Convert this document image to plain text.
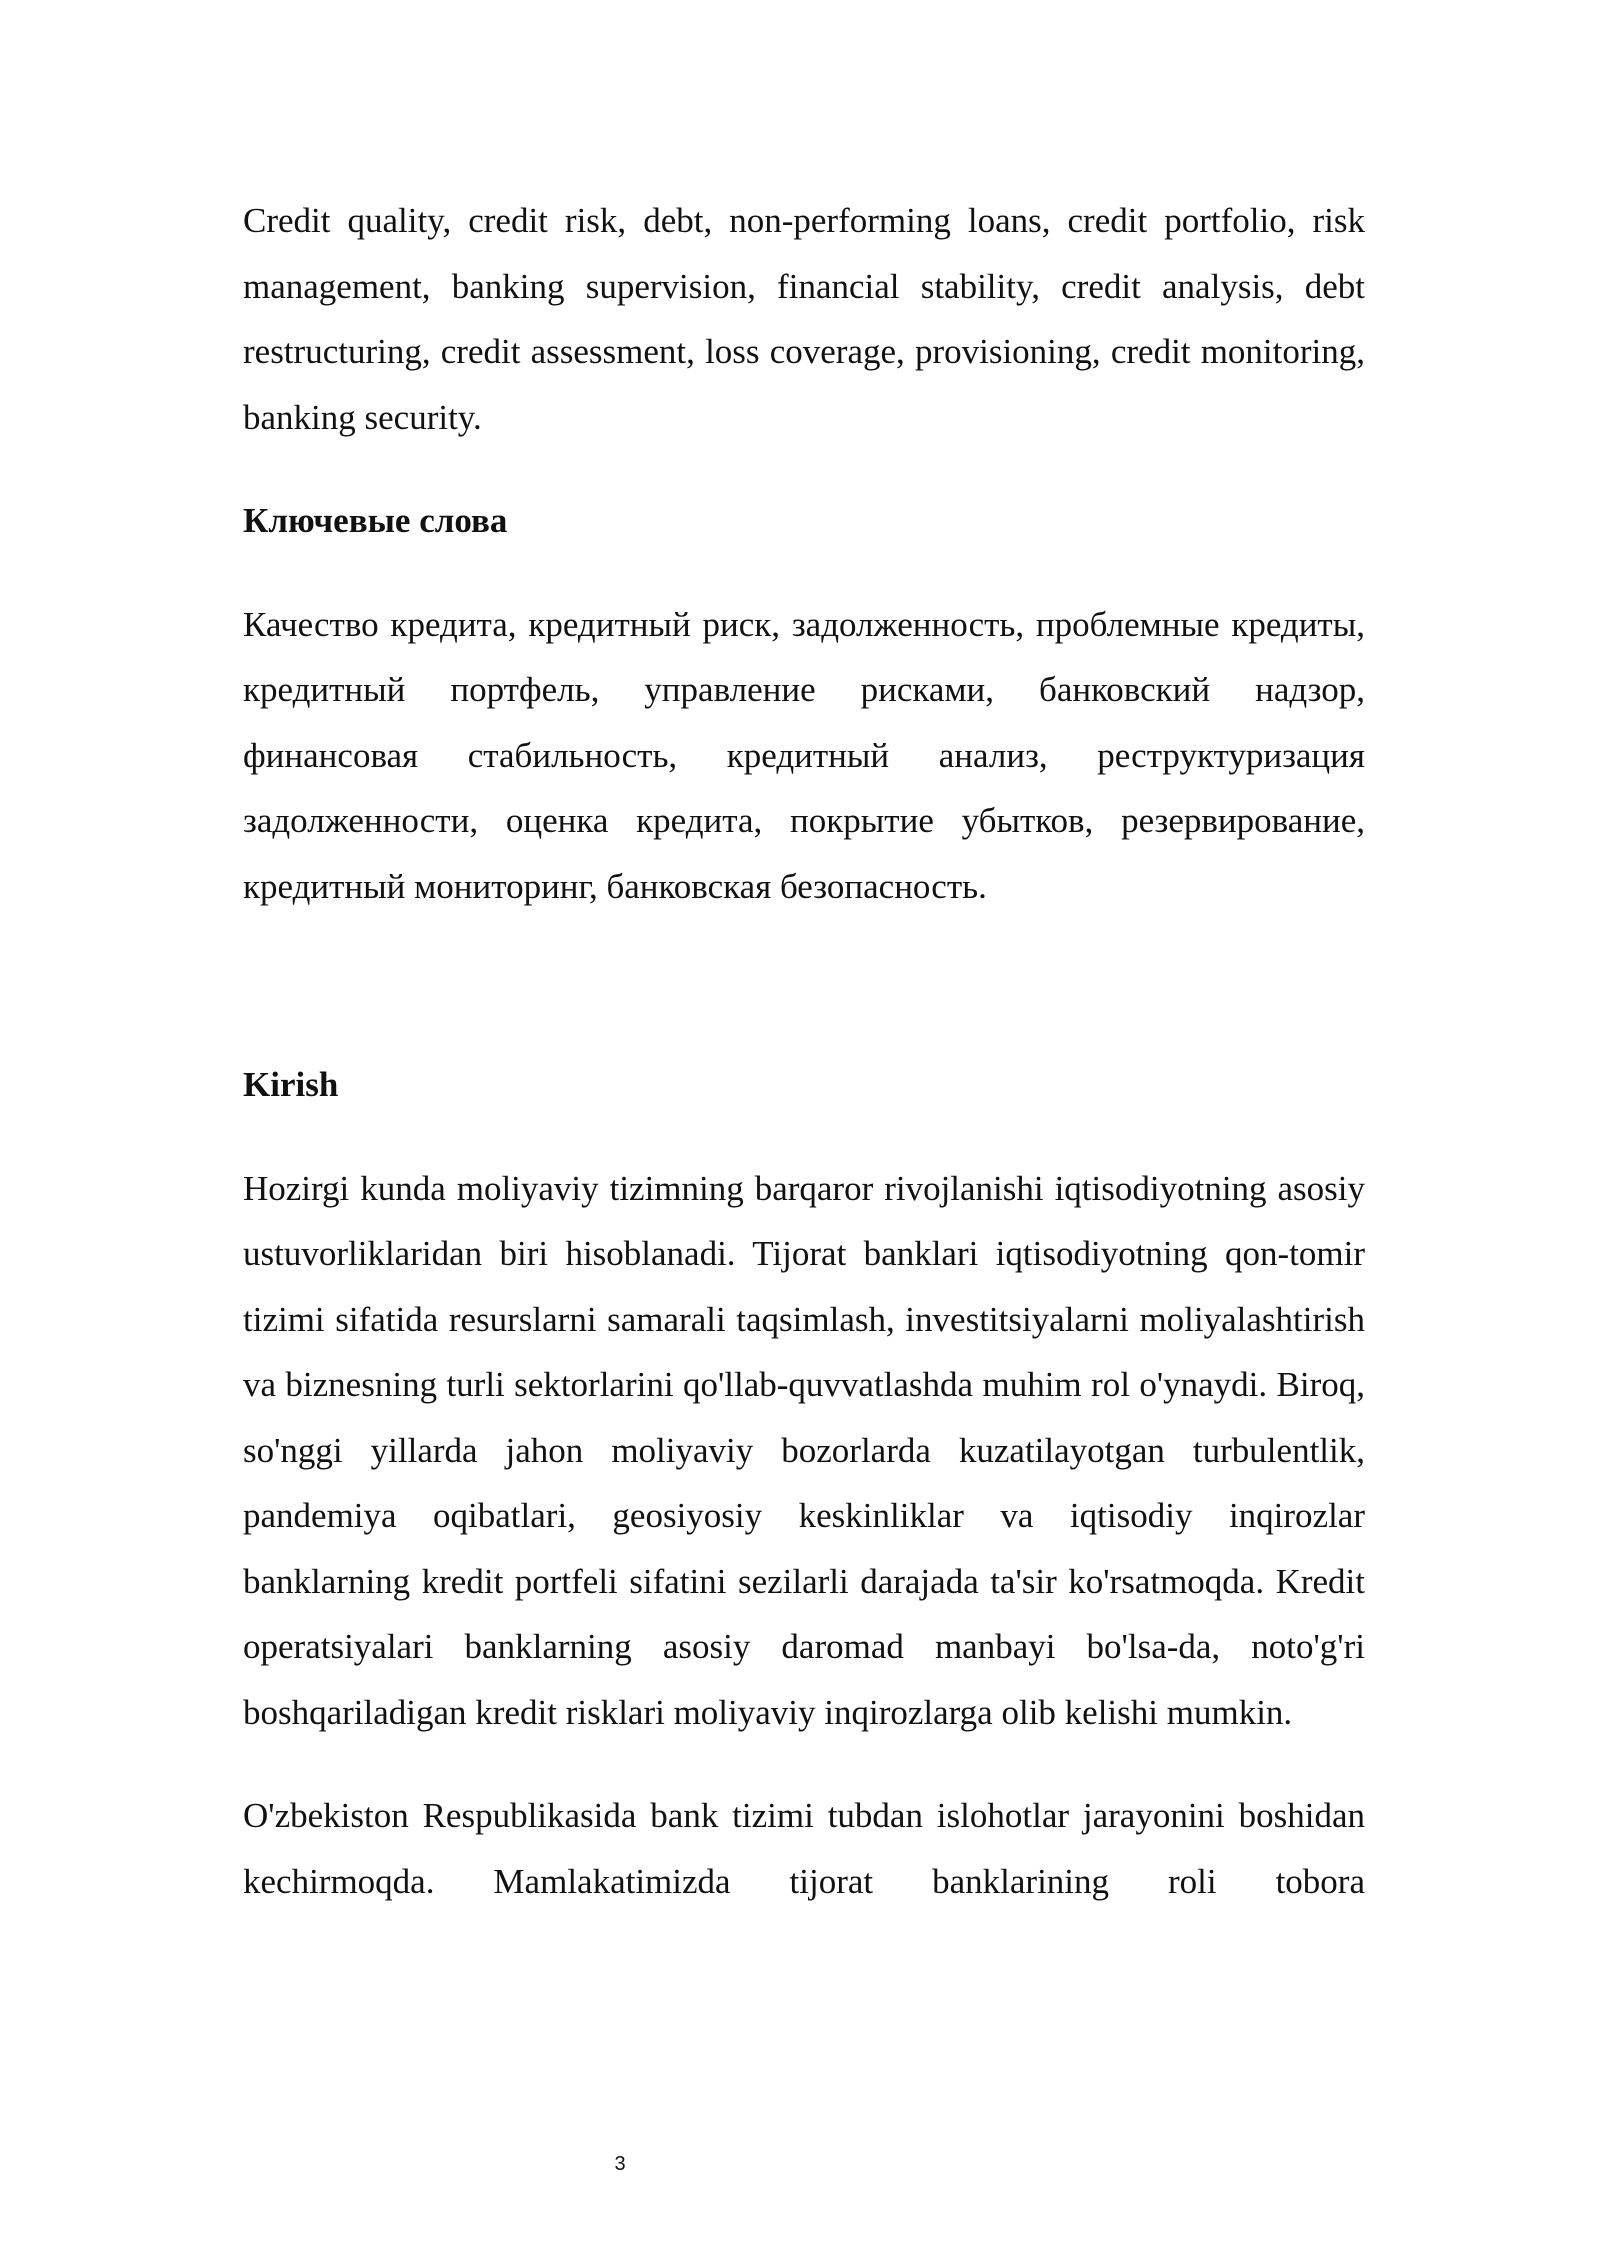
Credit quality, credit risk, debt, non-performing loans, credit portfolio, risk management, banking supervision, financial stability, credit analysis, debt restructuring, credit assessment, loss coverage, provisioning, credit monitoring, banking security.

Ключевые слова

Качество кредита, кредитный риск, задолженность, проблемные кредиты, кредитный портфель, управление рисками, банковский надзор, финансовая стабильность, кредитный анализ, реструктуризация задолженности, оценка кредита, покрытие убытков, резервирование, кредитный мониторинг, банковская безопасность.

Kirish

Hozirgi kunda moliyaviy tizimning barqaror rivojlanishi iqtisodiyotning asosiy ustuvorliklaridan biri hisoblanadi. Tijorat banklari iqtisodiyotning qon-tomir tizimi sifatida resurslarni samarali taqsimlash, investitsiyalarni moliyalashtirish va biznesning turli sektorlarini qo'llab-quvvatlashda muhim rol o'ynaydi. Biroq, so'nggi yillarda jahon moliyaviy bozorlarda kuzatilayotgan turbulentlik, pandemiya oqibatlari, geosiyosiy keskinliklar va iqtisodiy inqirozlar banklarning kredit portfeli sifatini sezilarli darajada ta'sir ko'rsatmoqda. Kredit operatsiyalari banklarning asosiy daromad manbayi bo'lsa-da, noto'g'ri boshqariladigan kredit risklari moliyaviy inqirozlarga olib kelishi mumkin.

O'zbekiston Respublikasida bank tizimi tubdan islohotlar jarayonini boshidan kechirmoqda. Mamlakatimizda tijorat banklarining roli tobora

3
